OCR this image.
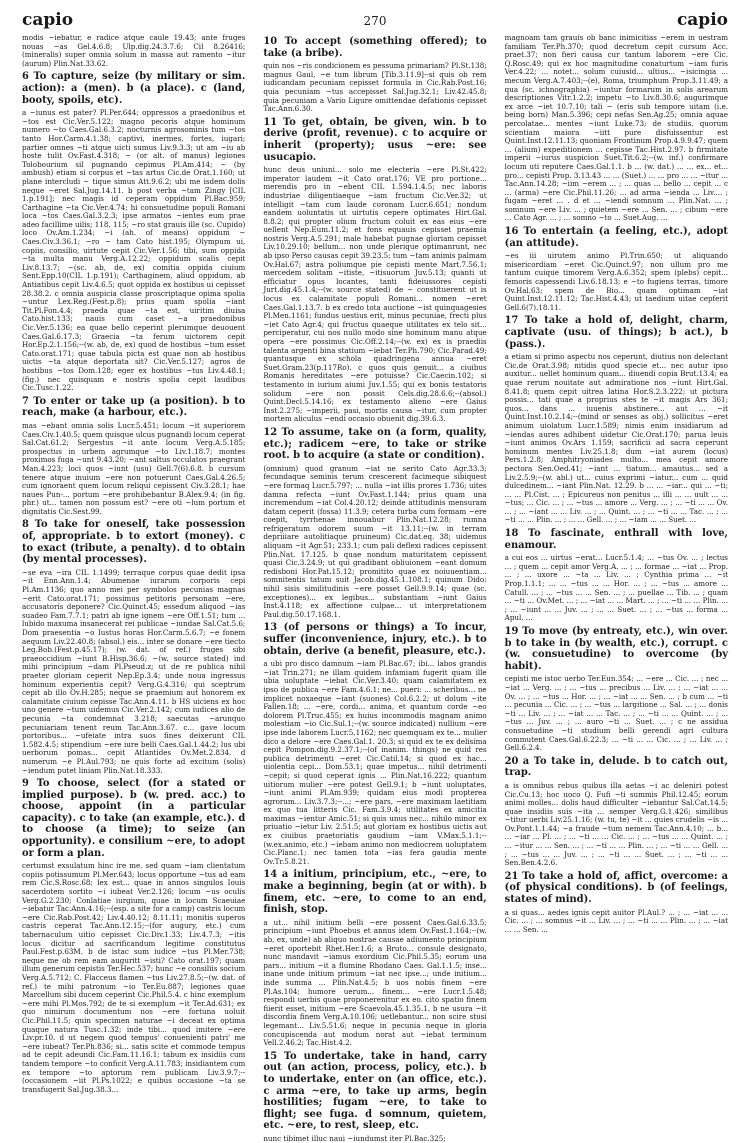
capio	270	capio

modis ~iebatur, e radice atque caule 19.43; ante fruges nouas ~as Gel.4.6.8; Ulp.dig.24.3.7.6; Cil 8.26416; (mineralis) super omnia solum in massa aut ramento ~itur (aurum) Plin.Nat.33.62.

6 To capture, seize (by military or sim. action): a (men). b (a place). c (land, booty, spoils, etc).

a ~iunus est pater? Pl.Per.644; oppressos a praedonibus et ~tos est Cic.Ver.5.122; magno pecoris atque hominum numero ~to Caes.Gal.6.3.2; nocturnis agrosominis tum ~tos tanto Hor.Carm.4.1.38; captivi, inermes, fortes, iugari; partier omnes ~ti atque uicti sumus Liv.9.3.3; ut am ~iu ab hoste tulit Ov.Fast.4.318; ~ (or alt. of manus) legiones Tolobourium sil pugnando cepimus Pl.Am.414; ~ (by ambush) etiam si corpus et ~tas artus Cic.de Orat.1.160; ut plane intercludi ~ tique simus Att.9.6.2; ubi me isdem dolis neque ~eret Sal.Jug.14.11. b post verba ~tam Zingy [CIL 1.p.191]; nec magis id ceperam oppidum Pl.Bac.959; Carthagine ~ta Cic.Ver.4.74; hi consuetudine populi Romani loca ~tos Caes.Gal.3.2.3; ipse armatos ~ientes eum prae adeo facillime uilis; 118, 115; ~ro stat grauis ille (sc. Cupido) loco Ov.Am.1.234; ~i (ah. of means) oppidum ~ Caes.Civ.3.36.1; ~ro ~ tam Cato hist.195; Olympum ui, copiis, consilio, uirtute cepit Cic.Ver.1.56; tibi, sum oppida ~ta multa manu Verg.A.12.22; oppidum scalis cepit Liv.8.13.7; ~(sc. ab, de, ex) comitia oppida ciuium Sent.Epp.10(CIL 1.p.191); Carthaginem, aliud oppidum, ab Antiatibus cepit Liv.4.6.5; quot oppida ex hostibus ui cepisset 28.38.2. c omnia auspicia classe proscriptaque opima spolia ~untur Lex.Reg.(Fest.p.8); prius quam spolia ~iant Tit.Pl.Fon.4.4; praeda quae ~ta est, uiritim diuisa Cato.hist.133; nauis cum caset ~a praedonibus Cic.Ver.5.136; ea quae bello ceperint plerumque deuouent Caes.Gal.6.17.3; Graecia ~ta ferum uictorem cepit Hor.Ep.2.1.156;--(w. ab, de, ex) quod de hostibus ~tum esset Cato.orat.171; quae tabula picta est quae non ab hostibus uictis ~ta atque deportata sit? Cic.Ver.5.127; agros de hostibus ~tos Dom.128; eger ex hostibus ~tus Liv.4.48.1; (fig.) nec quisquam e nostris spolia cepit laudibus Cic.Tusc.1.22.

7 To enter or take up (a position). b to reach, make (a harbour, etc.).

mas ~ebant omnia solis Lucr.5.451; locum ~it superiorem Caes.Civ.1.40.5; quem quisque ulcus pugnandi locum ceperat Sal.Cat.61.2; Sergestus ~it ante locum Verg.A.5.185; prospectus in urbem agrumque ~to Liv.1.18.7; montes proximos fuga ~unt 9.43.20; ~ant saltus occulatos praegrant Man.4.223; loci quos ~iunt (usu) Gell.7(6).6.8. b cursum tenere atque inuium ~ere non potuerunt Caes.Gal.4.26.5; cum ignoraent quem locum reliqui cepissent Civ.3.28.1; hae naues Pun-... portum ~ere prohibebantur B.Alex.9.4; (in fig. phr.) ut... tamen non possum est? ~ere oti ~lum portum et dignitatis Cic.Sest.99.

8 To take for oneself, take possession of, appropriate. b to extort (money). c to exact (tribute, a penalty). d to obtain (by mental processes).

~se eva ~ira CIL 1.1499; terraque corpus quae dedit ipsa ~it Enn.Ann.1.4; Abumenae iurarum corporis cepi Pl.Am.1136; quo anno mei per symbolos pecunias magnas ~erit Cato.orat.171; possimus petitoris personam ~ere, accusatoris deponere? Cic.Quinct.45; essedum aliquod ~ias suadeo Fam.7.7.1; patri ab igne ignem ~ere Off.1.51; tum ... lubido maxuma insanecerat rei publicae ~iundae Sal.Cat.5.6; Dom praesentia ~o Iustus horas Hor.Carm.5.6.7; ~e fonem aequum Liv.22.40.8; (absol.) eis... inter se donare ~ere tiecto Leg.Bob.(Fest.p.45.17); (w. dat. of ref.) fruges sibi praeoccidium ~iunt B.Hisp.36.6; ~(w. source stated) ind mihi principium ~dam Pl.Pseud.z; ut de re publica nihil praeter gloriam ceperit Nep.Ep.3.4; unde noua ingressus hominum experientia cepit? Verg.G.4.316; qui sceptrum cepit ab illo Ov.H.285; neque se praemium aut honorem ex calamitate ciuium cepisse Tac.Ann.4.11. b HS uiciens ex hoc uno genere ~tum uidemus Cic.Ver.2.142; cum iudices alio de pecunia ~ta condemnat 3.218; saecutas ~arunquo pecuniariam tenent reum Tac.Ann.3.67. c... gave locum portoribus... ~ufeiate intra suos fines deixerunt CIL 1.582.4.5; stipendium ~ere iure belli Caes.Gal.1.44.2; lus ubi uerborum pomas... cepit Atlantides Ov.Met.2.834. d numerum ~e Pl.Aul.793; ne quis forte ad excitum (solis) ~iendum putet liniam Plin.Nat.18.333.

9 To choose, select (for a stated or implied purpose). b (w. pred. acc.) to choose, appoint (in a particular capacity). c to take (an example, etc.). d to choose (a time); to seize (an opportunity). e consilium ~ere, to adopt or form a plan.

certumst exsulatum hinc ire me. sed quam ~iam clientatum copiis potissumum Pl.Mer.643; locus opportune ~tus ad eam rem Cic.S.Rosc.68; lex est... quae in annos singulos Iouis sacerdotem sortito ~i iubeat Ver.2.126; locum ~us oculis Verg.G.2.230; Conlatiae iurgium, quae in locum Scaeuiae ~iebatur Tac.Ann.4.16;--(esp. a site for a camp) castris locum ~ere Cic.Rab.Post.42; Liv.4.40.12; 8.11.11; monitis superos castris ceperat Tac.Ann.12.15;--(for augury, etc.) cum tabernaculum uitio cepisset Cic.Div.1.33; Liv.4.7.3; ~itis locus dicitur ad sacrificandum legitime constitutus Paul.Fest.p.63M. b de istac sum iudice ~tus Pl.Mer.738; neque me ob rem eam auguritt ~isti? Cato orat.197; quam illum generum cepistis Ter.Hec.537; hunc ~e consiliis socium Verg.A.5.712; C. Flacceus flamen ~tus Liv.27.8.5;--(w. dat. of ref.) te mihi patronum ~io Ter.Eu.887; legiones quae Marcellum sibi ducem ceperint Cic.Phil.5.4. c hinc exemplum ~ere mihi Pl.Mos.792; de te si exemplum ~it Ter.Ad.631; ex quo nimirum documentum nos ~ere fortuna uoluit Cic.Phil.11.5; quin specimen naturae ~i deceat ex optima quaque natura Tusc.1.32; inde tibi... quod imitere ~ere Liv.pr.10. d ut negem quod tempus' conuenienti patri' me ~ere iubeat? Ter.Ph.836; si... satis scite et commode tempus ad te cepit adeundi Cic.Fam.11.16.1; tabum ex insidiis cum tandem tempore ~to conficit Verg.A.11.783; insidiantem cum ex tempore ~to aptorum rem publicam Liv.3.9.7;--(occasionem ~iit Pl.Ps.1022; e quibus occasione ~ta se transfugerit Sal.Jug.38.3...

10 To accept (something offered); to take (a bribe).

quin nos ~ris condicionem es pessuma primariam? Pl.St.138; magnus Gaul, ~e tum librum [Tib.3.11.9]--si quis ob rem iudicandam pecuniam cepisset formula in Cic.Rab.Post.16; quia pecuniam ~tus accepisset Sal.Jug.32.1; Liv.42.45.8; quia pecuniam a Vario Ligure omittendae defationis cepisset Tac.Ann.6.30.

11 To get, obtain, be given, win. b to derive (profit, revenue). c to acquire or inherit (property); usus ~ere: see usucapio.

hunc deus uniuni... solo me electeria ~ere Pl.St.422; imperator laudem ~it Cato orat.176; VE pro portione... merendis pro in ~ebent CIL 1.594.1.4.5; nec laboris industriae diligentiaeque ~iam fructum Cic.Ver.32; ut intelligit ~tam cum laude coronam Lucr.6.651; nondum eandem uoluntatis ut uirtutis cepere optimates Hirt.Gal. 8.8.2; qui propter olium fructum coluit ex eas eius ~ere uellent Nep.Eum.11.2; et fons equauis cepisset praemia nostris Verg.A.5.291; male habebat pugnae gloriam cepisset Liv.10.29.10; bellum... non unde plerique optimanrunt, nec ab ipso Perso causas cepit 39.23.5; tum ~tam animis palmam Ov.Hal.67; astra poliumque pie cepisti mente Mart.7.56.1; mercedem solitam ~itiste, ~itisuorum Juv.5.13; quanti ut efficiatur opus locantes, tanti fideiussores cepisti Jurt.dig.45.1.4;--(w. source stated) de ~ constituerent ut is locus ex calamitate populi Romani... nomen ~eret Caes.Gal.1.13.7. b ex credo tota auctione ~ist quinquagesies Pl.Men.1161; fundus uestius erit, minus pecuniae, frecti plus ~iet Cato Agr.4; qui fructus quaeque utilitates ex telo sit... perciperatur, cui nos nullo modo sine hominum manu atque opera ~ere possimus Cic.Off.2.14;--(w. ex) ex is praediis talenta argenti bina statium ~iebat Ter.Ph.790; Cic.Parad.49; quantusque ex schola quadringena annua ~eret Suet.Gram.23(p.117Ro). c quos quis genuit... a ciuibus Romanis hereditates ~ere potuisse? Cic.Caecin.102; si testamento in iurium aiumi Juv.1.55; qui ex bonis testatoris solidum ~ere non possit Cels.dig.28.6.6;--(absol.) Quint.Decl.5.14.16; ex testamento alieno ~ere Gaius Inst.2.275; ~imperii, pasi, mortis causa ~itur, cum propter mortem aliculus ~endi occasio obuenit dig.39.6.3.

12 To assume, take on (a form, quality, etc.); radicem ~ere, to take or strike root. b to acquire (a state or condition).

(omnium) quod granum ~iat ne serito Cato Agr.33.3; fecundaque seminis terum crescerent facimeque sibiquest ~ere formaq Lucr.5.797; ... nulla ~iat illis prores 1.736; uites damna refecta ~iunt Ov.Fast.1.144; prius quam una incremendum ~iat Col.4.20.12; deinde attitudinis mensuram datam ceperit (fossa) 11.3.9; cetera turba cum formam ~ere coepit, tyrrhenae innouabur Plin.Nat.12.28; rumna refrigeratum odorem suum ~it 13.11;--(w. in terram depriiiare autolitiaque pruineum) Cic.dat.eq. 38; uidemus aliquam ~it Agr.51; 233.1; cum pali deflexi radices cepissent Plin.Nat. 17.125. b quae nondum maturitatem cepissent quasi Cic.3.24.9; ut qui gradibant obliuionem ~eant domum redisboni Hor.Pat.15.12; promitito quae ex noiuuentiam... somnitentis tatum suit Jacob.dig.45.1.108.1; quinum Dido: nihil sisis similitudinis ~ere posset Gell.9.9.14; quae (sc. exceptiones)... ex legibus... substantiam ~iunt Gaius Inst.4.118; ex affectione culpae... ut interpretationem Paul.dig.50.17.168.1.

13 (of persons or things) a To incur, suffer (inconvenience, injury, etc.). b to obtain, derive (a benefit, pleasure, etc.).

a ubi pro disco damnum ~iam Pl.Bac.67; ibi... labos grandis ~iat Trin.271; ne illam quidem infamiam fugerit quam ille ubia uoluptate ~iebat Cic.Ver.3.40; quam calamitatem ex ipso de publica ~ere Fam.4.6.1; ne... pueri: ... scheribus... ne implicet noxaeque ~iant (suones) Col.6.2.2; ut dolum ~ite Fallen.18; ... ~ere, cordi... anima, et quantum corde ~eo dolorem Pl.Truc.455; ex huius incommodis magnam animo molestiam ~io Cic.Sul.1;--(w. source indicated) nullium ~ere ipse inde laborem Lucr.5.1162; nec quemquam ex te... mulier dico a delore ~ere Caes.Gal.1. 20.3; si quid ex te ex delisima cepit Pompon.dig.9.2.37.1;--(of inanim. things) ne quid res publica detrimenti ~eret Cic.Catil.14; si quod ex hac... uiolentia cepi... Dom.53.1; quae impetus... nihil detrimenti ~cepit; si quod ceperat ignis ... Plin.Nat.16.222; quantum uitiorum mulier ~ere potest Gell.9.1; b ~iunt uoluptates, ~iunt animi Pl.Am.939; quidam eius modi propterea agrorum... Liv.3.7.3;--...; ~ere pars, ~ere maximam laetitiam ex quo tua litteris Cic. Fam.3.9.4; utilitates ex amicitia maximas ~ientur Amic.51; si quis unus nec... nihilo minor ex priuatio ~ietur Liv. 2.51.5; aut gloriam ex hostibus uictis aut ex ciuibus praetoriatis gaudium ~iam V.Max.5.1.1;--(w.ex.animo, etc.) ~iebam animo non mediocrem uoluptatem Cic.Planc.1; nec tamen tota ~ias fera gaudia mente Ov.Tr.5.8.21.

14 a initium, principium, etc., ~ere, to make a beginning, begin (at or with). b finem, etc. ~ere, to come to an end, finish, stop.

a ut... nihil initium belli ~ere possent Caes.Gal.6.33.5; principium ~iunt Phoebus et annus idem Ov.Fast.1.164;--(w. ab, ex, unde) ab aliquo nostrae causae adiumento principium ~eret oportebit Rhet.Her.1.6; a Bruto... consule designato, nunc mandavit ~iamus exordium Cic.Phil.5.35; eorum una pars... initium ~it a flumine Rhodano Caes. Gal.1.1.5; inse... inane unde initium primum ~iat nec ipse...; unde initium... inde summa ... Plin.Nat.4.5; b uos nobis finem ~ere Pl.As.104; humore uerum... finem... ~ere Lucr.1.5.48; respondi uerbis quae proponerenitur ex eo. cito spatio finem fiierit esset, initium ~ere Scaevola.45.1.35.1. b ne usura ~it discordia finem Verg.A.10.106; uetlebantur... non scire stusi legemant... Liv.5.51.6; neque in pecunia neque in gloria concupiscenda aut modum norat aut ~iebat terminum Vell.2.46.2; Tac.Hist.4.2.

15 To undertake, take in hand, carry out (an action, process, policy, etc.). b to undertake, enter on (an office, etc.). c arma ~ere, to take up arms, begin hostilities; fugam ~ere, to take to flight; see fuga. d somnum, quietem, etc. ~ere, to rest, sleep, etc.

nunc tibimet illuc naui ~iundumst iter Pl.Bac.325;

magnoam tam grauis ob banc inimicitias ~erem in uestram familiam Ter.Ph.370; quod decretum cepit cursum Acc. praet.37; non fieri causa cur tantum laborem ~ere Cic. Q.Rosc.49; qui ex hoc magnitudine conaturtum ~iam furis Ver.4.22; ... notet... solum cuiusid... ultius... ~isicingia ... mecum Verg.A.7.403;--(e), Roma, triumphum Prop.3.11.49; a qua (sc. ichnographia) ~iuntur formarum in solis arearum descriptiones Vitr.1.2.2; impetu ~to Liv.8.30.6; augurimque ex arce ~iet 10.7.10; tali ~ (eris sub tempore uitam (i.e. being born) Man.5.396; cepi nefas Sen.Ag.25; omnia aquae percolatae... mentes ~iunt Luke.73; de studiis, quorum scientiam maiora ~iitt pure disfuissentur est Quint.Inst.12.11.13; quoniam Frontinum Prop.4.9.9.47; quem ... (alium) expeditionem ... cepisse Tac.Hist.2.97. b firmitate imperii ~iurus suspicion Suet.Tit.6.2;--(w. inf.) confirmare locum uti reputere Caes.Gal.1.1. b ... (w. dat.) ... ... ex... et... pro... cepisti Prop. 3.13.43 ... ... (Suet.) ... ... pro ... ... ~itur ... Tac.Ann.14.28; ~iim ~erem ... ; ... quas ... bello ... cepit ... c ... (arma) ~ere Cic.Phil.11.26; ... ad arma ~ienda ... Liv.... ; fugam ~eret ... . d et ... ~iendi somnum ... Plin.Nat. ... ; somnum ~ere Liv. ... ; quietem ~ere ... Sen. ... ; cibum ~ere ... Cato Agr. ... ; ... somno ~to ... Suet.Aug. ...

16 To entertain (a feeling, etc.), adopt (an attitude).

~es iii uirutem animo Pl.Trin.650; ut aliquando misericordiam ~eret Cic.Quinct.97; non ullum pro me tantum cuique timorem Verg.A.6.352; spem (plebs) cepit... femoris capessendi Liv.6.18.13; e ~to fugiens terras, timore Ov.Hal.63; spem de Bio... quam optimam ~iat Quint.Inst.12.11.12; Tac.Hist.4.43; ut taedium uitae cepferit Gell.6(7).18.11.

17 To take a hold of, delight, charm, captivate (usu. of things); b act.), b (pass.).

a etiam si primo aspectu nos ceperunt, diutius non delectant Cic.de Orat.3.98; nitidis quod specie et... nec autur ipso auxitur... uellet hominum quam... diuendi copia Brut.13.4; ea quae rerum nouitate aut admiratione nos ~iunt Hirt.Gal. 8.41.8; quem cepit uitrea latina Hor.S.2.3.222; ut pictura possis... tati quae a proprius stes te ~it magis Ars 361; quos... dans ... iuuenis abstinere... aut ... ~it Quint.Inst.10.2.14;--(mind or senses as obj.) sollicitus ~eret animum uiolatum Lucr.1.589; nimis enim insidiarum ad ~iendas aures adhibent uidetur Cic.Orat.170; parua leuis ~iunt animos Ov.Ars 1.159; sacrificii ad sacra ceperunt hominum mentes Liv.25.1.8; dum ~iat aurem (locus) Pers.1.2.8; Amphitryoniades multo... mea cepit amore pectora Sen.Oed.41; ~iant ... tiatum... amautus... sed a Liv.2.5.9;--(w. abl.) ut... cuius exprimi ~iatur... cum ... quid dulcedinem... ~iant Plin.Nat. 12.29. b ... ... ~iar... qui ... ~ti; ... ... Pl.Cist. ... ; Epicureus non penitus ... illi ... ... uult ... ... ~tus; ... Cic. ... ; ... ~tus ... amore ... Verg. ... ; ... ~ti ... ... Ov. ... ; ... ~iant ... ... Liv. ... ; ... Quint. ... ; ... ~ti ... ... Tac. ... ; ... ~ti ... ... Plin. ... ; ... ... Gell. ... ; ... ~iam ... ... Suet. ...

18 To fascinate, enthrall with love, enamour.

a cui eos ... uirtus ~erat... Lucr.5.1.4; ... ~tus Ov. ... ; lectus ... ; quem ... cepit amor Verg.A. ... ; ... formae ... ~iat ... Prop. ... ; ... uxore ... ~ta ... Liv. ... ; Cynthia prima ... ~it Prop.1.1.1; ... ... ~tus ... ... Hor. ... ; ... ~tus ... amore ... Catull. ... ; ... ~tus ... ... Sen. ... ; ... puellae ... Tib. ... ; quam ... ~ti ... Ov.Met. ... ; ... ~iat ... ... Mart. ... ; ... ~ti ... ... Plin. ... ; ... ~iunt ... ... Juv. ... ; ... ... Suet. ... ; ... ~tus ... forma ... Apul. ...

19 To move (by entreaty, etc.), win over. b to take in (by wealth, etc.), corrupt. c (w. consuetudine) to overcome (by habit).

cepisti me istoc uerbo Ter.Eun.354; ... ~ere ... Cic. ... ; nec ... ~iat ... Verg. ... ; ... ~tus ... precibus ... Liv. ... ; ... ~iat ... ... Ov. ... ; ... ~tus ... Hor. ... ; ... ~iat ... ... Sen. ... ; b cum ... ~ti ... pecunia ... Cic. ... ; ... ~tus ... largitione ... Sal. ... ; ... donis ~ti ... Liv. ... ; ... ~iat ... ... Tac. ... ; ... ~ti ... ... Quint. ... ; ... ~tus ... Juv. ... ; ... auro ~ti ... Suet. ... ; c ne assidua consuetudine ~ti studium belli gerendi agri cultura commutent Caes.Gal.6.22.3; ... ~ti ... ... Cic. ... ; ... Liv. ... ; Gell.6.2.4.

20 a To take in, delude. b to catch out, trap.

a is omnibus rebus quibus illa aetas ~i ac deleniri potest Cic.Cu.13; hoc uoco Q. Fufi ~ti summis Phil.12.45; eorum animi molles... dolis haud difficulter ~iebantur Sal.Cat.14.5; quae insidiis suis ~ita ... semper Verg.G.1.426; similibus ~titur uerbi Liv.25.1.16; (w. tu, te) ~it ... quies crudelis ~is ... Ov.Pont.1.1.44; ~a fraude ~tum nemem Tac.Ann.4.10; ... b... ... ~iar ... Pl. ... ; ... ~ti ... ... Cic. ... ; ... ~tus ... ... Quint. ... ; ... ~itur ... ... Sen. ... ; ... ~ti ... ... Plin. ... ; ... ~ti ... ... Gell. ... ; ... ~tus ... ... Juv. ... ; ... ~ti ... ... Suet. ... ; ... ~ti ... ... Sen.Ben.4.2.6.

21 To take a hold of, affict, overcome: a (of physical conditions). b (of feelings, states of mind).

a si quas... aedes ignis cepit auitor Pl.Aul.? ... ; ... ~iat ... ... Cic. ... ; ... somnus ~it ... Liv. ... ; ... ~ti ... ... Plin. ... ; ... ~iat ... ... Sen. ...
